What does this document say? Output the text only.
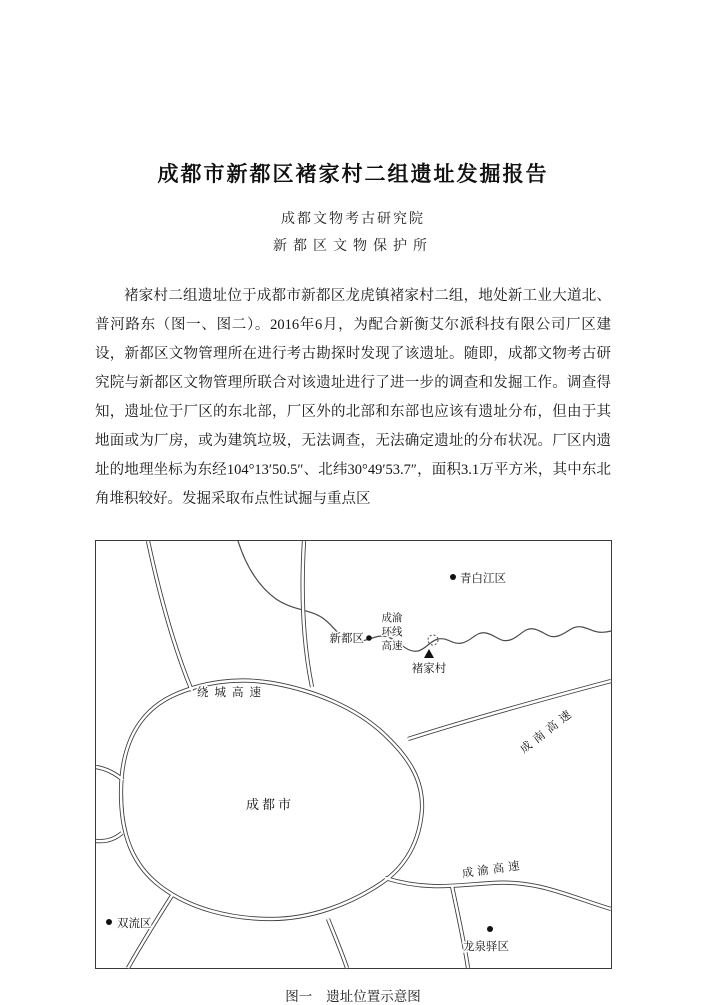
成都市新都区褚家村二组遗址发掘报告
成都文物考古研究院
新都区文物保护所

褚家村二组遗址位于成都市新都区龙虎镇褚家村二组，地处新工业大道北、普河路东（图一、图二）。2016年6月，为配合新衡艾尔派科技有限公司厂区建设，新都区文物管理所在进行考古勘探时发现了该遗址。随即，成都文物考古研究院与新都区文物管理所联合对该遗址进行了进一步的调查和发掘工作。调查得知，遗址位于厂区的东北部，厂区外的北部和东部也应该有遗址分布，但由于其地面或为厂房，或为建筑垃圾，无法调查，无法确定遗址的分布状况。厂区内遗址的地理坐标为东经104°13′50.5″、北纬30°49′53.7″，面积3.1万平方米，其中东北角堆积较好。发掘采取布点性试掘与重点区

青白江区
新都区
成渝
环线
高速
褚家村
绕城高速
成都市
成南高速
成渝高速
双流区
龙泉驿区
图一 遗址位置示意图
